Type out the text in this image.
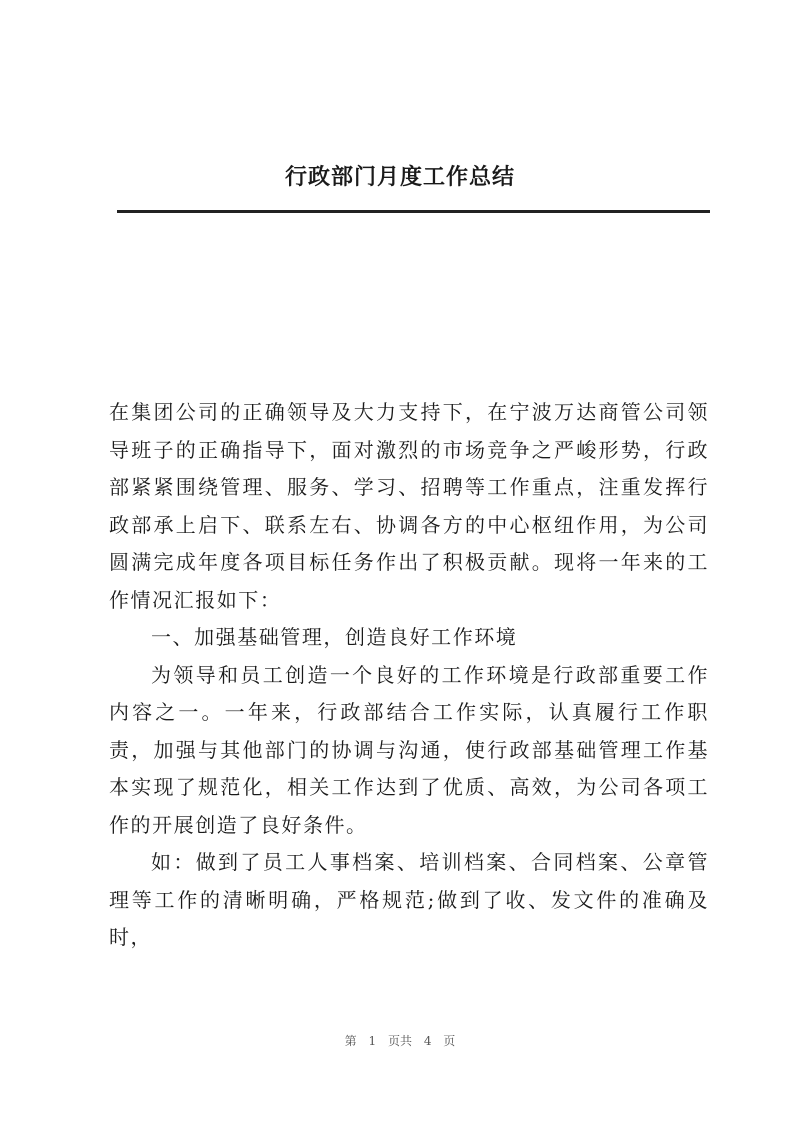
行政部门月度工作总结

在集团公司的正确领导及大力支持下，在宁波万达商管公司领导班子的正确指导下，面对激烈的市场竞争之严峻形势，行政部紧紧围绕管理、服务、学习、招聘等工作重点，注重发挥行政部承上启下、联系左右、协调各方的中心枢纽作用，为公司圆满完成年度各项目标任务作出了积极贡献。现将一年来的工作情况汇报如下：

一、加强基础管理，创造良好工作环境

为领导和员工创造一个良好的工作环境是行政部重要工作内容之一。一年来，行政部结合工作实际，认真履行工作职责，加强与其他部门的协调与沟通，使行政部基础管理工作基本实现了规范化，相关工作达到了优质、高效，为公司各项工作的开展创造了良好条件。

如：做到了员工人事档案、培训档案、合同档案、公章管理等工作的清晰明确，严格规范;做到了收、发文件的准确及时，

第 1 页共 4 页
